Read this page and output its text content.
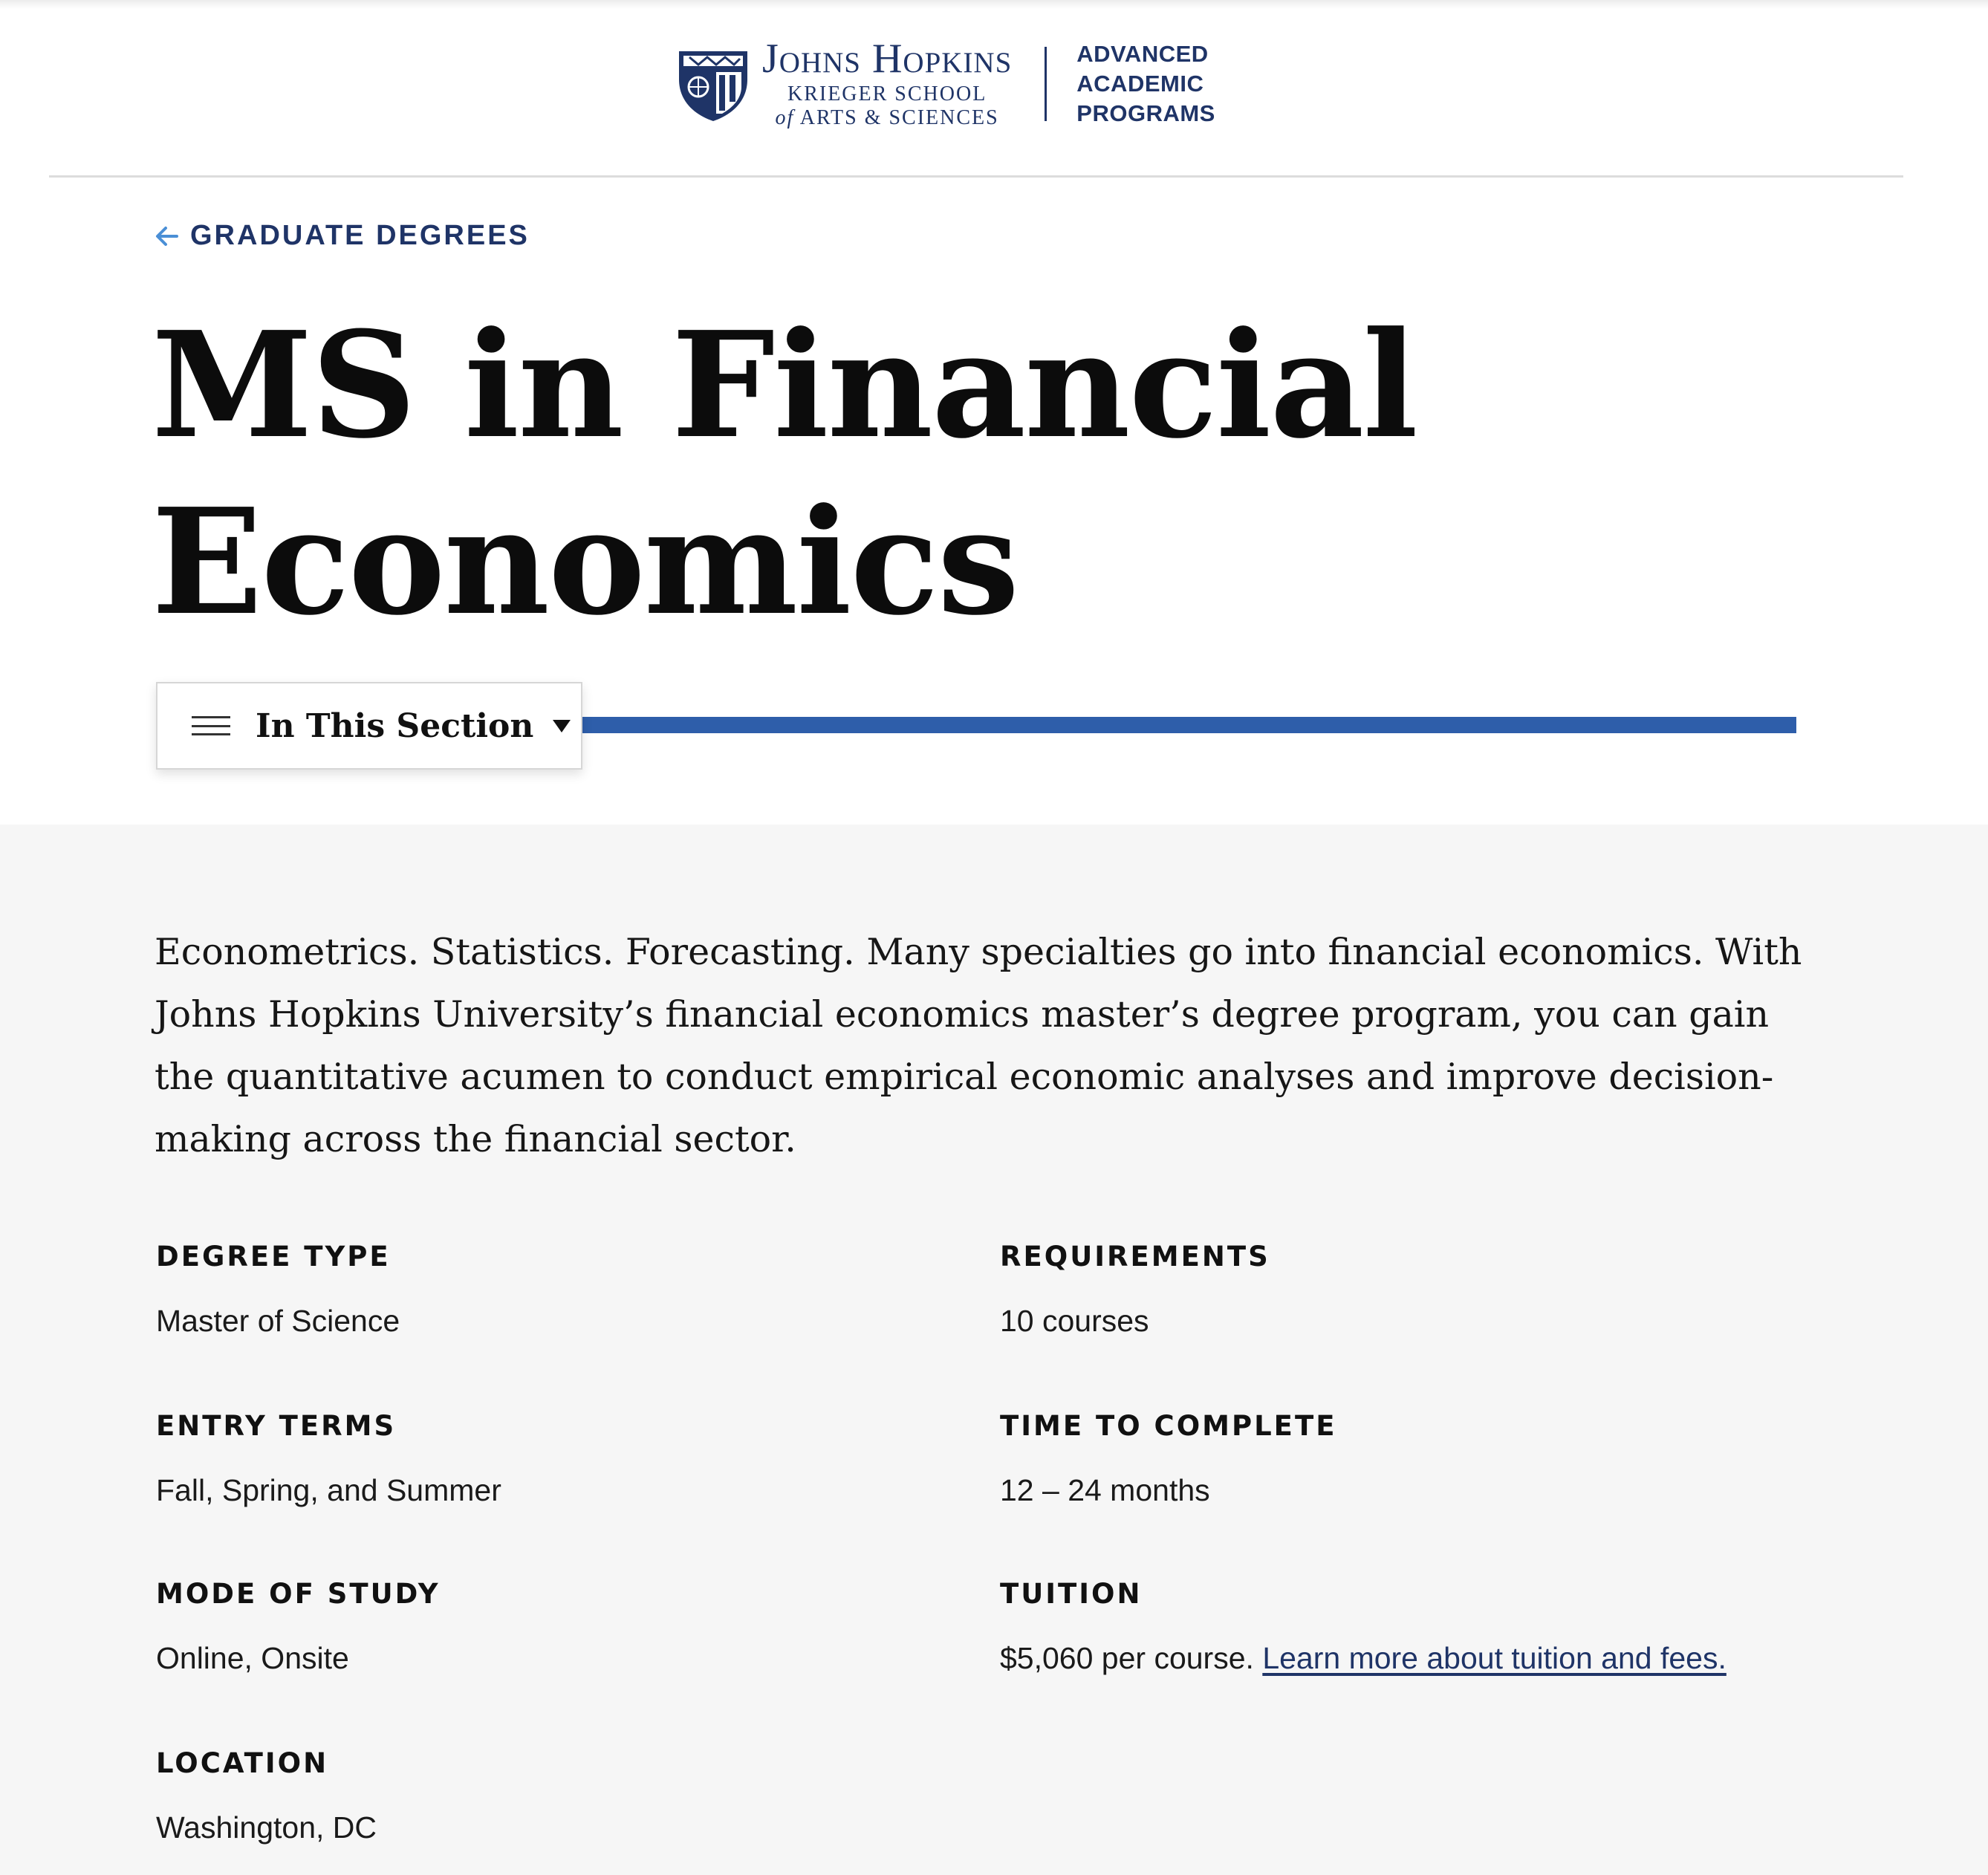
Johns Hopkins
KRIEGER SCHOOL
of ARTS & SCIENCES
ADVANCED
ACADEMIC
PROGRAMS
GRADUATE DEGREES
MS in Financial
Economics
In This Section

Econometrics. Statistics. Forecasting. Many specialties go into financial economics. With Johns Hopkins University’s financial economics master’s degree program, you can gain the quantitative acumen to conduct empirical economic analyses and improve decision-making across the financial sector.

DEGREE TYPE

Master of Science

REQUIREMENTS

10 courses

ENTRY TERMS

Fall, Spring, and Summer

TIME TO COMPLETE

12 – 24 months

MODE OF STUDY

Online, Onsite

TUITION

$5,060 per course. Learn more about tuition and fees.

LOCATION

Washington, DC
